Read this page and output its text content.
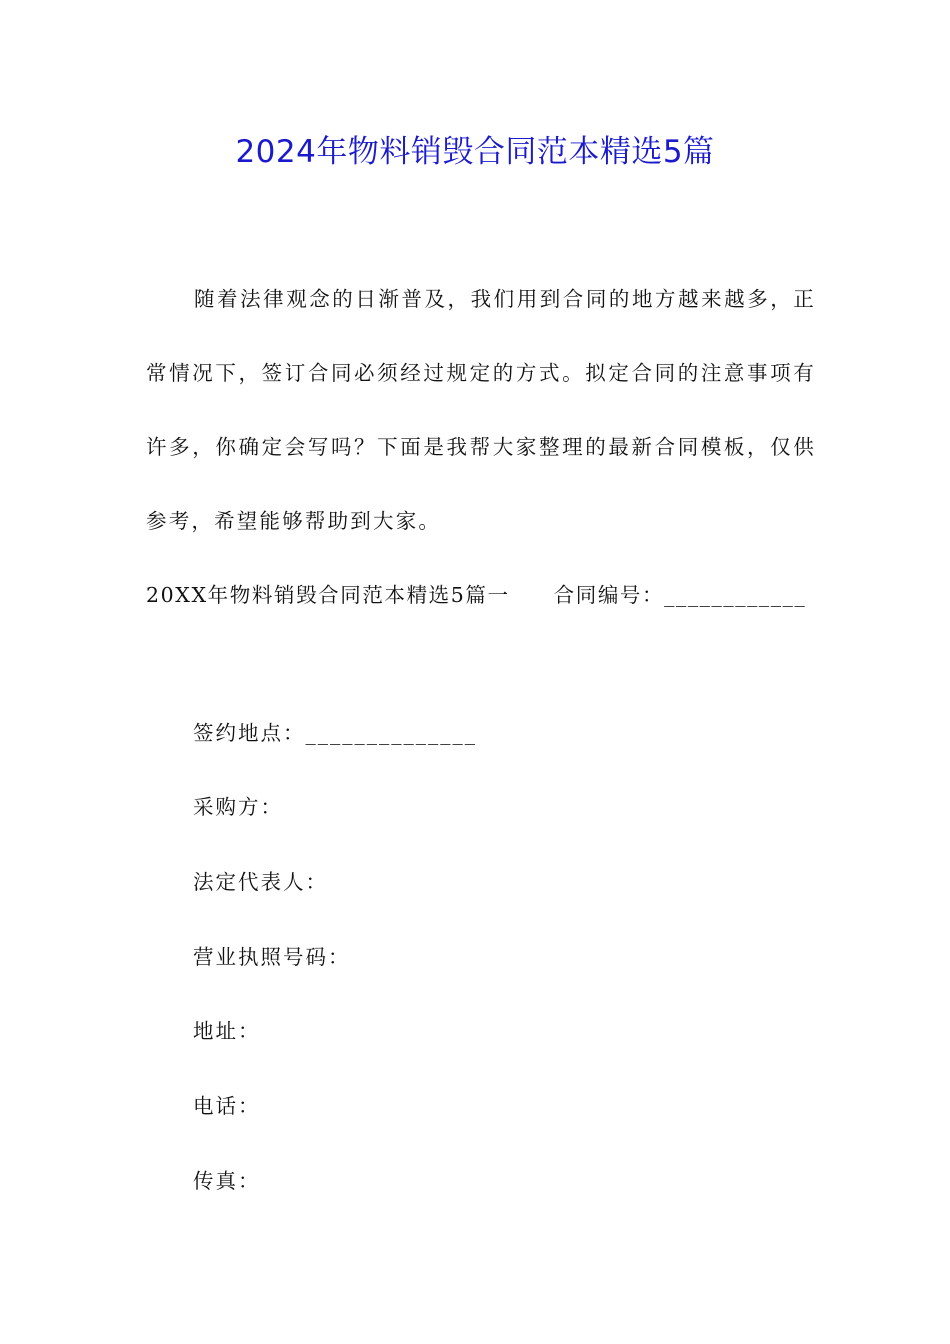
2024年物料销毁合同范本精选5篇

随着法律观念的日渐普及，我们用到合同的地方越来越多，正常情况下，签订合同必须经过规定的方式。拟定合同的注意事项有许多，你确定会写吗？下面是我帮大家整理的最新合同模板，仅供参考，希望能够帮助到大家。

20XX年物料销毁合同范本精选5篇一 合同编号：____________

签约地点：______________

采购方：

法定代表人：

营业执照号码：

地址：

电话：

传真：
